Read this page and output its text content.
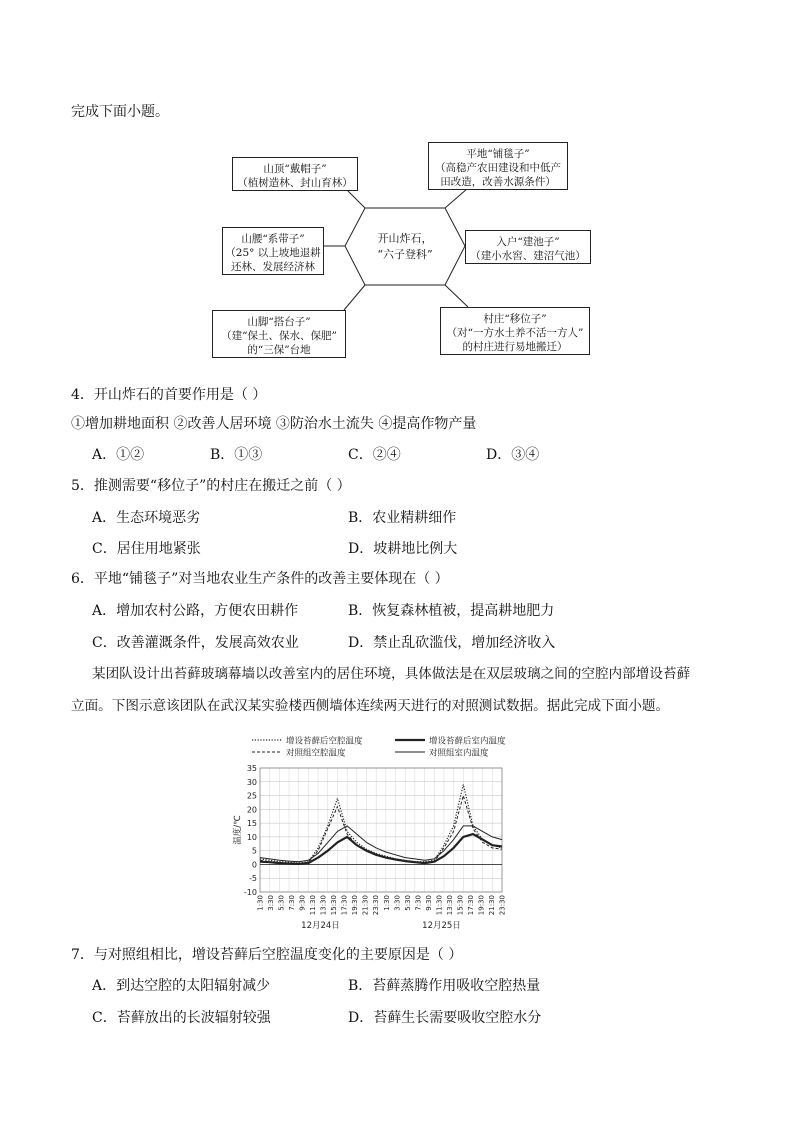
完成下面小题。
开山炸石，
“六子登科”
山顶“戴帽子”
（植树造林、封山育林）
山腰“系带子”
（25° 以上坡地退耕
还林、发展经济林
山脚“搭台子”
（建“保土、保水、保肥”
的“三保”台地
平地“铺毯子”
（高稳产农田建设和中低产
田改造，改善水源条件）
入户“建池子”
（建小水窖、建沼气池）
村庄“移位子”
（对“一方水土养不活一方人”
的村庄进行易地搬迁）
4．开山炸石的首要作用是（ ）
①增加耕地面积 ②改善人居环境 ③防治水土流失 ④提高作物产量
A．①②	B．①③	C．②④	D．③④
5．推测需要“移位子”的村庄在搬迁之前（ ）
A．生态环境恶劣	B．农业精耕细作
C．居住用地紧张	D．坡耕地比例大
6．平地“铺毯子”对当地农业生产条件的改善主要体现在（ ）
A．增加农村公路，方便农田耕作	B．恢复森林植被，提高耕地肥力
C．改善灌溉条件，发展高效农业	D．禁止乱砍滥伐，增加经济收入
某团队设计出苔藓玻璃幕墙以改善室内的居住环境，具体做法是在双层玻璃之间的空腔内部增设苔藓
立面。下图示意该团队在武汉某实验楼西侧墙体连续两天进行的对照测试数据。据此完成下面小题。
增设苔藓后空腔温度	增设苔藓后室内温度
对照组空腔温度	对照组室内温度
35
30
25
20
15
10
5
0
-5
-10
温度/℃
1:30 3:30 5:30 7:30 9:30 11:30 13:30 15:30 17:30 19:30 21:30 23:30 1:30 3:30 5:30 7:30 9:30 11:30 13:30 15:30 17:30 19:30 21:30 23:30
12月24日	12月25日
7．与对照组相比，增设苔藓后空腔温度变化的主要原因是（ ）
A．到达空腔的太阳辐射减少	B．苔藓蒸腾作用吸收空腔热量
C．苔藓放出的长波辐射较强	D．苔藓生长需要吸收空腔水分
